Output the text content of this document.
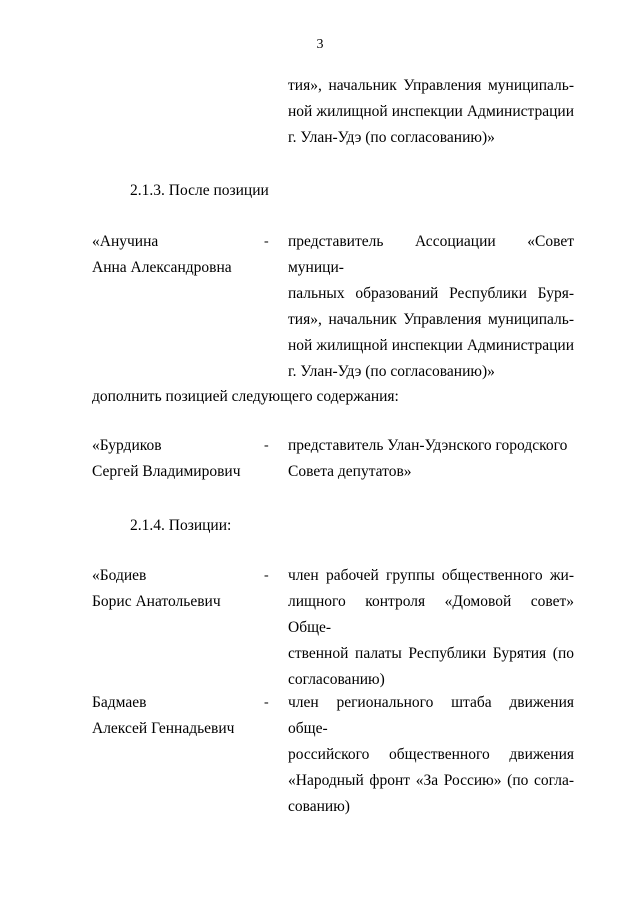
3
тия», начальник Управления муниципаль-
ной жилищной инспекции Администрации
г. Улан-Удэ (по согласованию)»
2.1.3. После позиции
«Анучина
Анна Александровна
- представитель Ассоциации «Совет муници-
пальных образований Республики Буря-
тия», начальник Управления муниципаль-
ной жилищной инспекции Администрации
г. Улан-Удэ (по согласованию)»
дополнить позицией следующего содержания:
«Бурдиков
Сергей Владимирович
- представитель Улан-Удэнского городского
Совета депутатов»
2.1.4. Позиции:
«Бодиев
Борис Анатольевич
- член рабочей группы общественного жи-
лищного контроля «Домовой совет» Обще-
ственной палаты Республики Бурятия (по
согласованию)
Бадмаев
Алексей Геннадьевич
- член регионального штаба движения обще-
российского общественного движения
«Народный фронт «За Россию» (по согла-
сованию)
